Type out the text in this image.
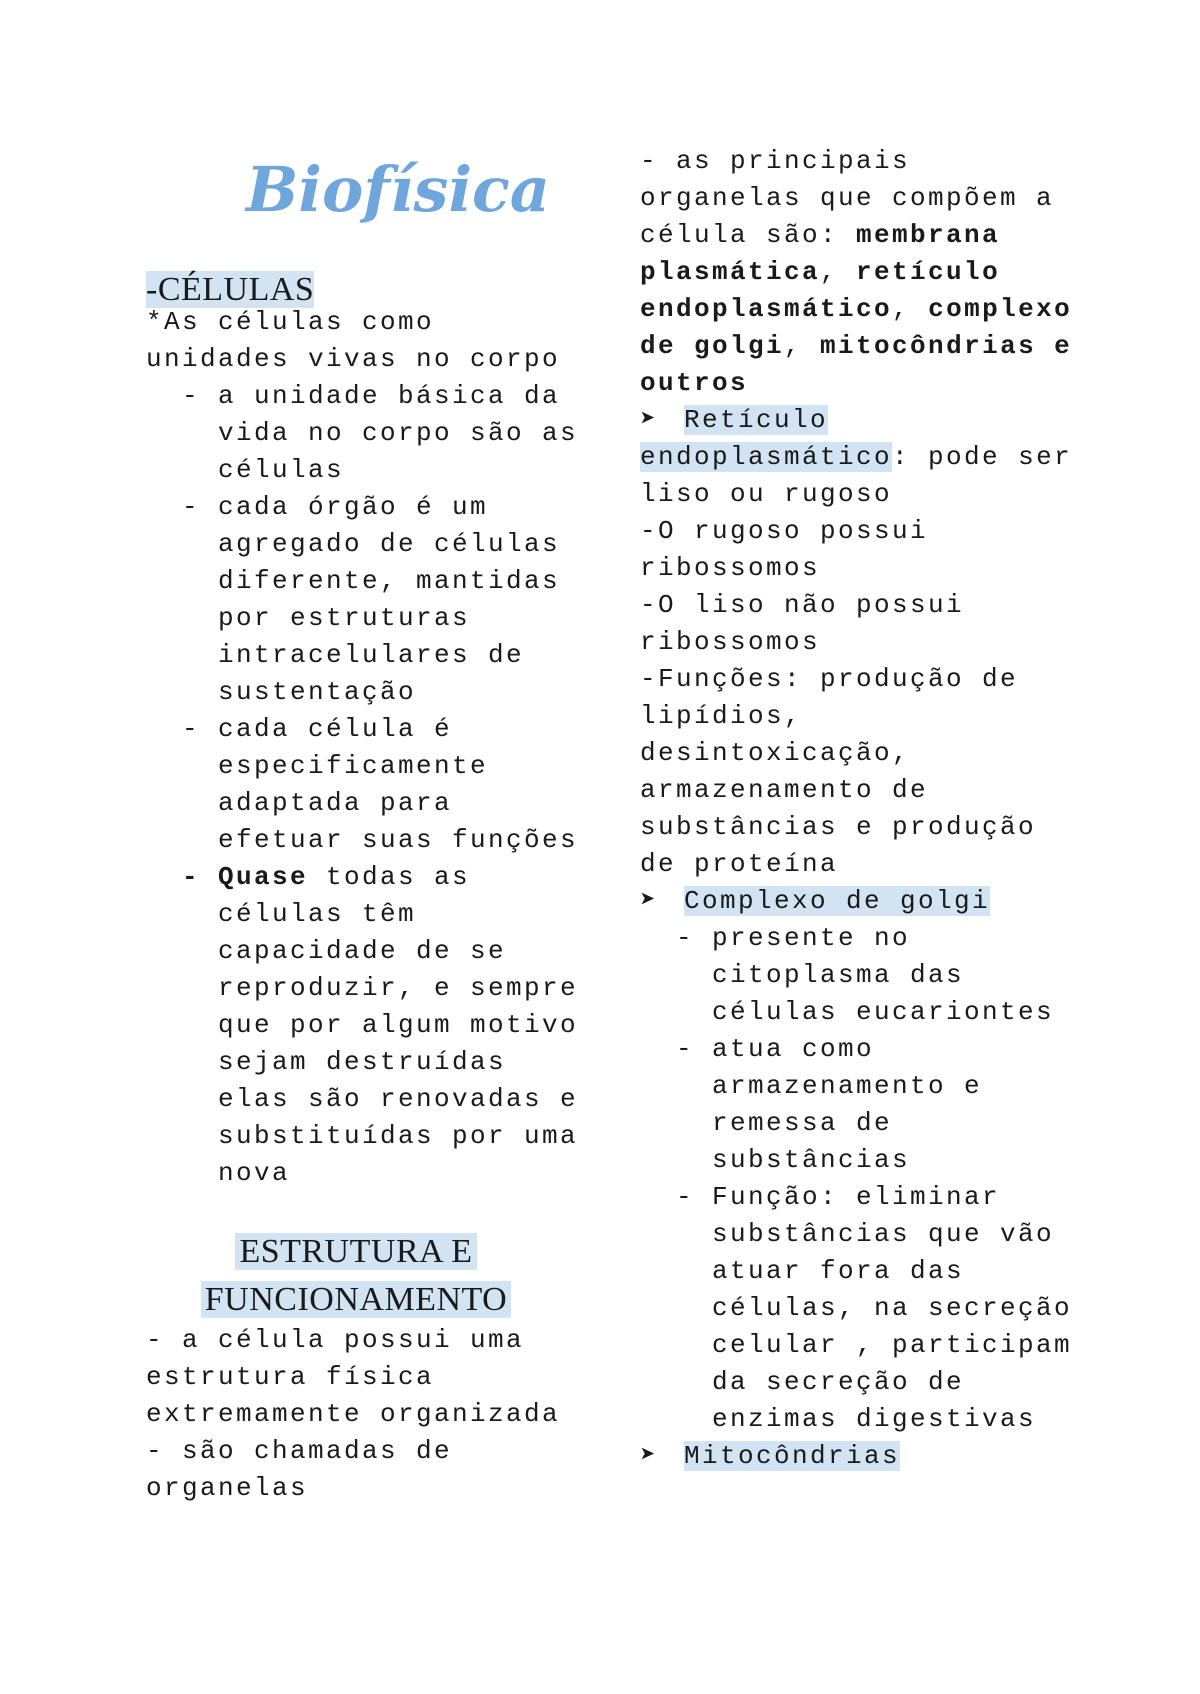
Biofísica
-CÉLULAS
*As células como
unidades vivas no corpo
- a unidade básica da
vida no corpo são as
células
- cada órgão é um
agregado de células
diferente, mantidas
por estruturas
intracelulares de
sustentação
- cada célula é
especificamente
adaptada para
efetuar suas funções
- Quase todas as
células têm
capacidade de se
reproduzir, e sempre
que por algum motivo
sejam destruídas
elas são renovadas e
substituídas por uma
nova
ESTRUTURA E
FUNCIONAMENTO
- a célula possui uma
estrutura física
extremamente organizada
- são chamadas de
organelas
- as principais
organelas que compõem a
célula são: membrana
plasmática, retículo
endoplasmático, complexo
de golgi, mitocôndrias e
outros
➤ Retículo
endoplasmático: pode ser
liso ou rugoso
-O rugoso possui
ribossomos
-O liso não possui
ribossomos
-Funções: produção de
lipídios,
desintoxicação,
armazenamento de
substâncias e produção
de proteína
➤ Complexo de golgi
- presente no
citoplasma das
células eucariontes
- atua como
armazenamento e
remessa de
substâncias
- Função: eliminar
substâncias que vão
atuar fora das
células, na secreção
celular , participam
da secreção de
enzimas digestivas
➤ Mitocôndrias
